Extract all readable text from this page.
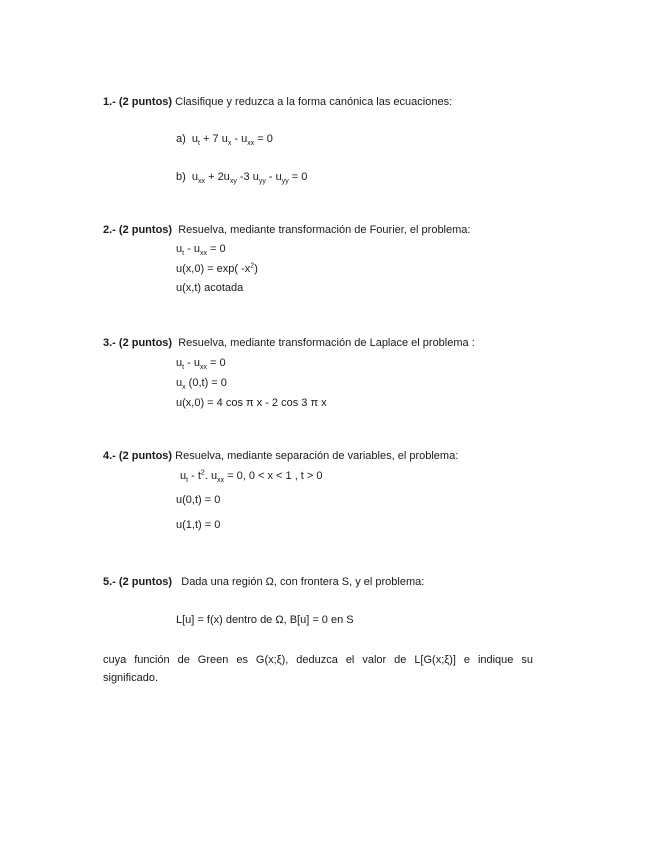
1.- (2 puntos) Clasifique y reduzca a la forma canónica las ecuaciones:
a) $u_t + 7$ $u_x - u_{xx} = 0$
b) $u_{xx} + 2u_{xy}$ -3 $u_{yy} - u_{yy} = 0$
2.- (2 puntos) Resuelva, mediante transformación de Fourier, el problema:
$u_t - u_{xx} = 0$
u(x,0) = exp( $-x^2$)
u(x,t) acotada
3.- (2 puntos) Resuelva, mediante transformación de Laplace el problema :
$u_t - u_{xx} = 0$
$u_x$ (0,t) = 0
u(x,0) = 4 cos π x - 2 cos 3 π x
4.- (2 puntos) Resuelva, mediante separación de variables, el problema:
$u_t - t^2$. $u_{xx} = 0$, 0 < x < 1 , t > 0
u(0,t) = 0
u(1,t) = 0
5.- (2 puntos) Dada una región Ω, con frontera S, y el problema:
L[u] = f(x) dentro de Ω, B[u] = 0 en S
cuya función de Green es G(x;ξ), deduzca el valor de L[G(x;ξ)] e indique su
significado.
